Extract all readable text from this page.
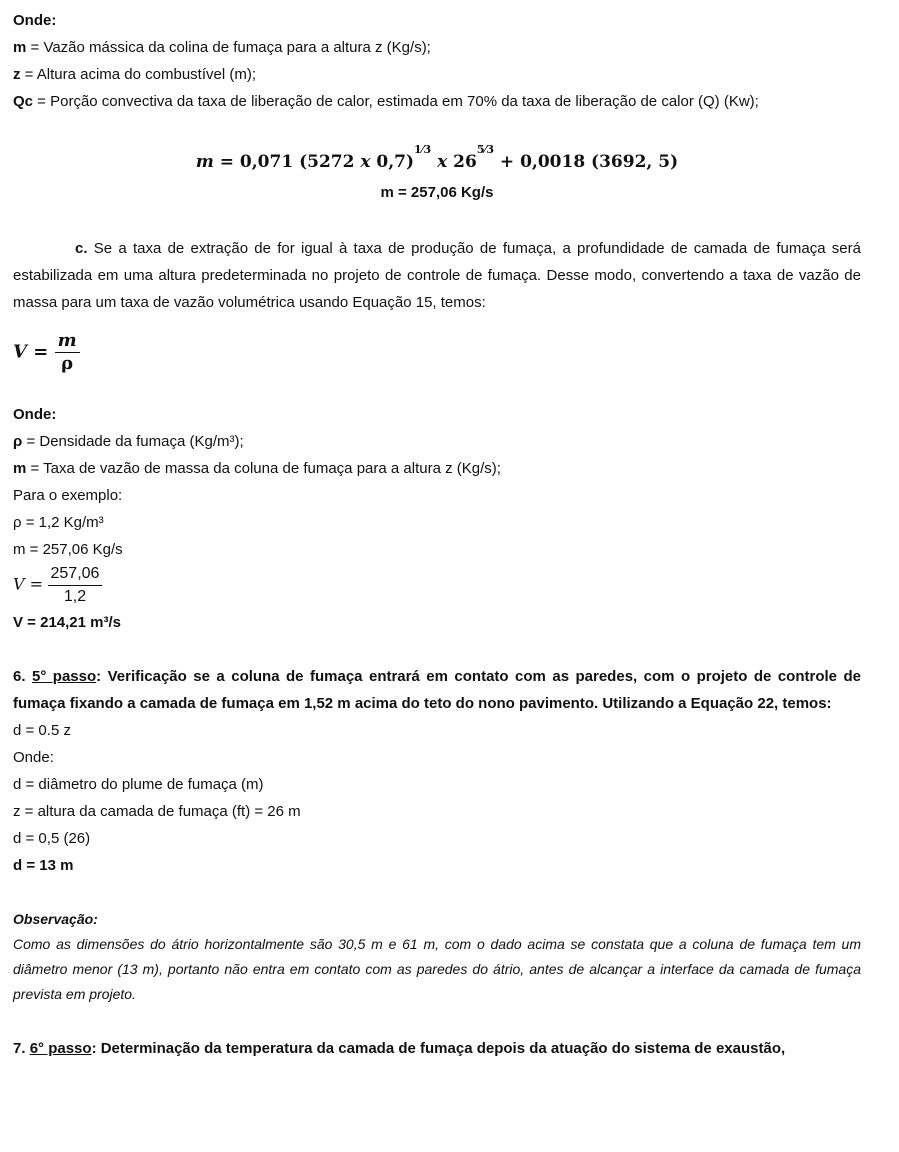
Onde:
m = Vazão mássica da colina de fumaça para a altura z (Kg/s);
z = Altura acima do combustível (m);
Qc = Porção convectiva da taxa de liberação de calor, estimada em 70% da taxa de liberação de calor (Q) (Kw);
m = 0,071 (5272 x 0,7)$^{1⁄3}$ x $26^{5⁄3} + 0,0018$ (3692, 5)
m = 257,06 Kg/s
c. Se a taxa de extração de for igual à taxa de produção de fumaça, a profundidade de camada de fumaça será estabilizada em uma altura predeterminada no projeto de controle de fumaça. Desse modo, convertendo a taxa de vazão de massa para um taxa de vazão volumétrica usando Equação 15, temos:
$V = \frac{m}{\rho}$
Onde:
ρ = Densidade da fumaça (Kg/m³);
m = Taxa de vazão de massa da coluna de fumaça para a altura z (Kg/s);
Para o exemplo:
ρ = 1,2 Kg/m³
m = 257,06 Kg/s
$V = \frac{257,06}{1,2}$
V = 214,21 m³/s
6. 5° passo: Verificação se a coluna de fumaça entrará em contato com as paredes, com o projeto de controle de fumaça fixando a camada de fumaça em 1,52 m acima do teto do nono pavimento. Utilizando a Equação 22, temos:
d = 0.5 z
Onde:
d = diâmetro do plume de fumaça (m)
z = altura da camada de fumaça (ft) = 26 m
d = 0,5 (26)
d = 13 m
Observação:
Como as dimensões do átrio horizontalmente são 30,5 m e 61 m, com o dado acima se constata que a coluna de fumaça tem um diâmetro menor (13 m), portanto não entra em contato com as paredes do átrio, antes de alcançar a interface da camada de fumaça prevista em projeto.
7. 6° passo: Determinação da temperatura da camada de fumaça depois da atuação do sistema de exaustão,
